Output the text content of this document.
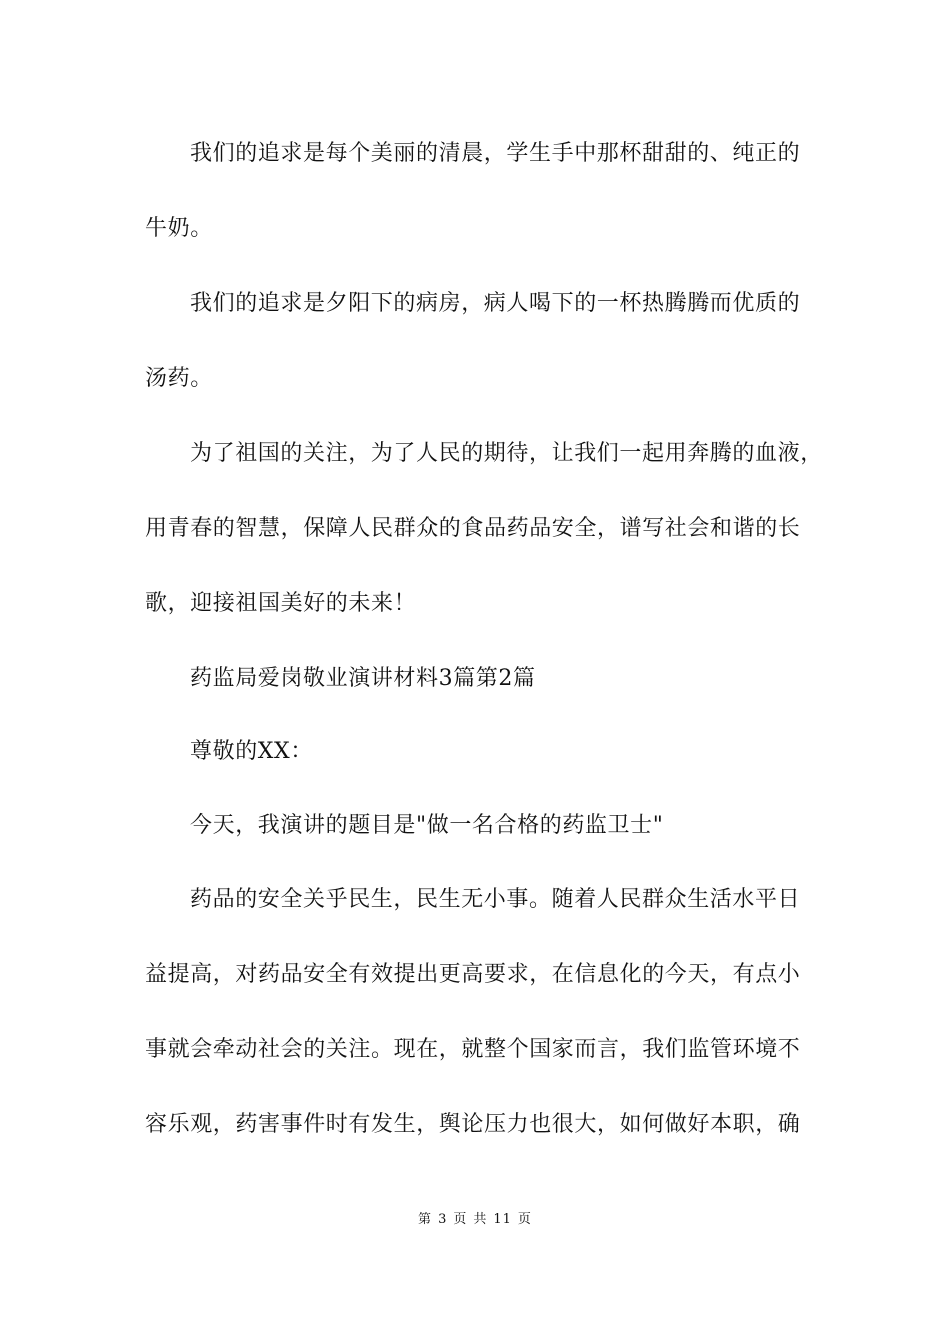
我们的追求是每个美丽的清晨，学生手中那杯甜甜的、纯正的
牛奶。
我们的追求是夕阳下的病房，病人喝下的一杯热腾腾而优质的
汤药。
为了祖国的关注，为了人民的期待，让我们一起用奔腾的血液，
用青春的智慧，保障人民群众的食品药品安全，谱写社会和谐的长
歌，迎接祖国美好的未来！
药监局爱岗敬业演讲材料3篇第2篇
尊敬的XX：
今天，我演讲的题目是"做一名合格的药监卫士"
药品的安全关乎民生，民生无小事。随着人民群众生活水平日
益提高，对药品安全有效提出更高要求，在信息化的今天，有点小
事就会牵动社会的关注。现在，就整个国家而言，我们监管环境不
容乐观，药害事件时有发生，舆论压力也很大，如何做好本职，确
第 3 页 共 11 页
